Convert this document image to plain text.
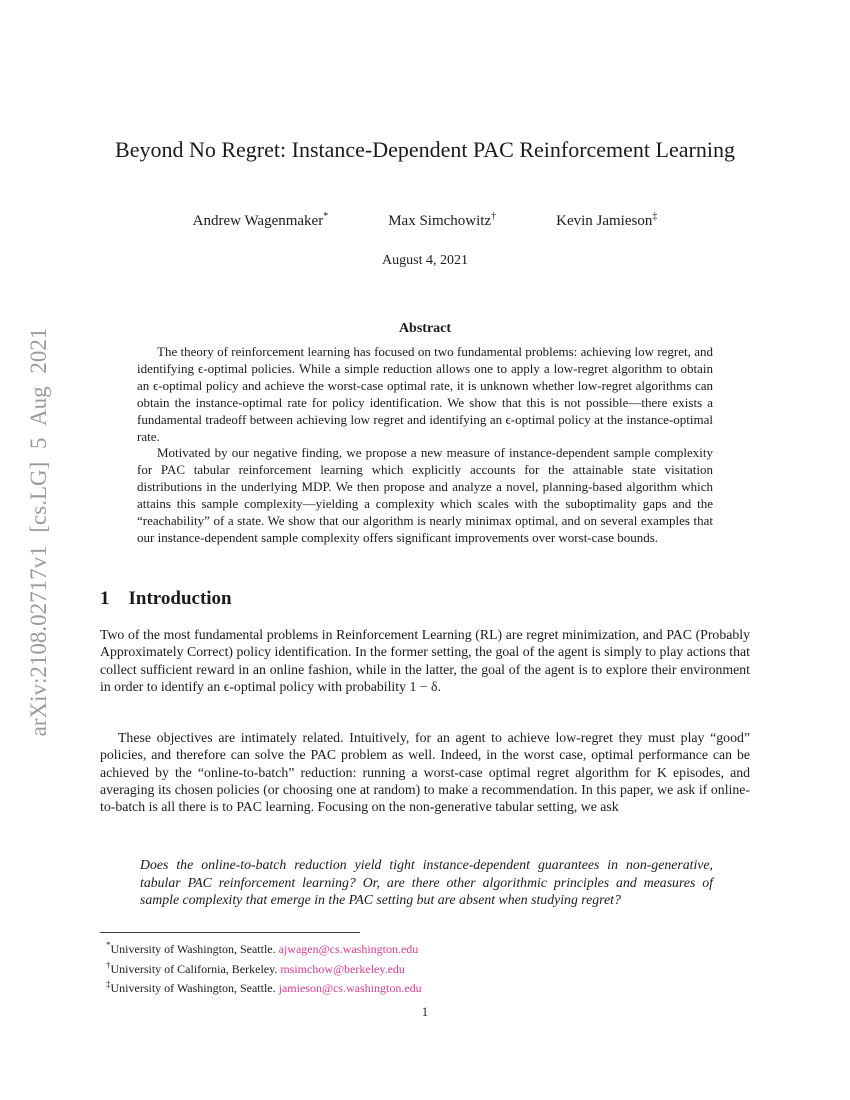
arXiv:2108.02717v1 [cs.LG] 5 Aug 2021
Beyond No Regret: Instance-Dependent PAC Reinforcement Learning
Andrew Wagenmaker*	Max Simchowitz†	Kevin Jamieson‡
August 4, 2021
Abstract

The theory of reinforcement learning has focused on two fundamental problems: achieving low regret, and identifying ϵ-optimal policies. While a simple reduction allows one to apply a low-regret algorithm to obtain an ϵ-optimal policy and achieve the worst-case optimal rate, it is unknown whether low-regret algorithms can obtain the instance-optimal rate for policy identification. We show that this is not possible—there exists a fundamental tradeoff between achieving low regret and identifying an ϵ-optimal policy at the instance-optimal rate.

Motivated by our negative finding, we propose a new measure of instance-dependent sample complexity for PAC tabular reinforcement learning which explicitly accounts for the attainable state visitation distributions in the underlying MDP. We then propose and analyze a novel, planning-based algorithm which attains this sample complexity—yielding a complexity which scales with the suboptimality gaps and the “reachability” of a state. We show that our algorithm is nearly minimax optimal, and on several examples that our instance-dependent sample complexity offers significant improvements over worst-case bounds.

1 Introduction

Two of the most fundamental problems in Reinforcement Learning (RL) are regret minimization, and PAC (Probably Approximately Correct) policy identification. In the former setting, the goal of the agent is simply to play actions that collect sufficient reward in an online fashion, while in the latter, the goal of the agent is to explore their environment in order to identify an ϵ-optimal policy with probability 1 − δ.

These objectives are intimately related. Intuitively, for an agent to achieve low-regret they must play “good” policies, and therefore can solve the PAC problem as well. Indeed, in the worst case, optimal performance can be achieved by the “online-to-batch” reduction: running a worst-case optimal regret algorithm for K episodes, and averaging its chosen policies (or choosing one at random) to make a recommendation. In this paper, we ask if online-to-batch is all there is to PAC learning. Focusing on the non-generative tabular setting, we ask

Does the online-to-batch reduction yield tight instance-dependent guarantees in non-generative, tabular PAC reinforcement learning? Or, are there other algorithmic principles and measures of sample complexity that emerge in the PAC setting but are absent when studying regret?

*University of Washington, Seattle. ajwagen@cs.washington.edu
†University of California, Berkeley. msimchow@berkeley.edu
‡University of Washington, Seattle. jamieson@cs.washington.edu
1
